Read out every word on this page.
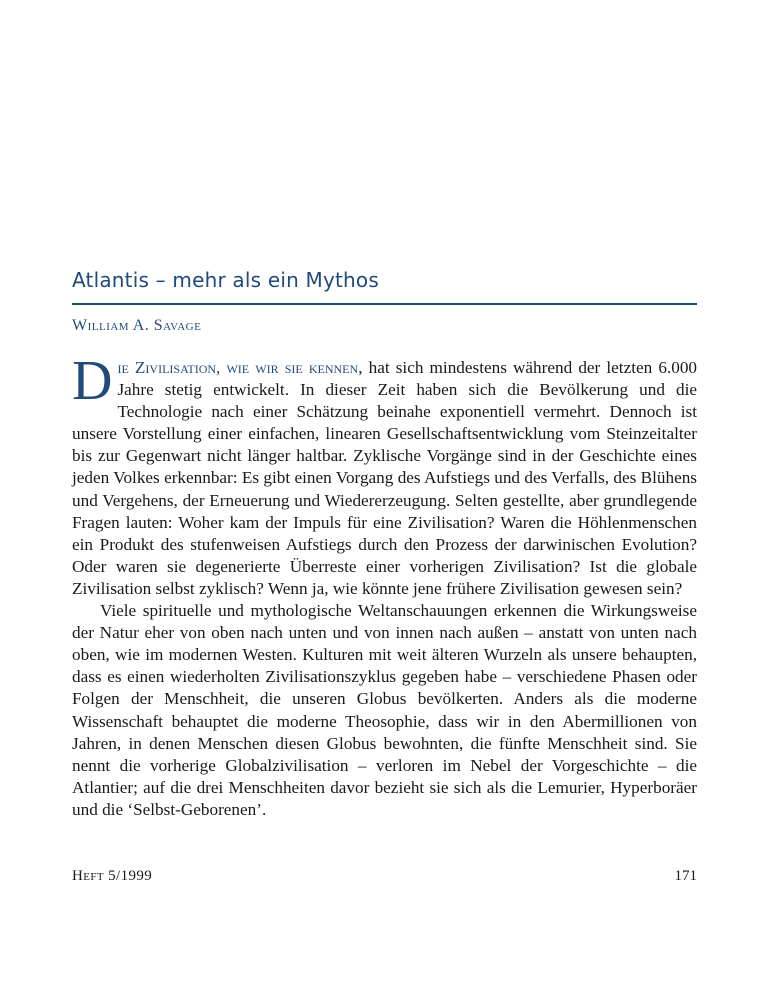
Atlantis – mehr als ein Mythos
William A. Savage

Die Zivilisation, wie wir sie kennen, hat sich mindestens während der letzten 6.000 Jahre stetig entwickelt. In dieser Zeit haben sich die Bevölkerung und die Technologie nach einer Schätzung beinahe exponentiell vermehrt. Dennoch ist unsere Vorstellung einer einfachen, linearen Gesellschaftsentwicklung vom Steinzeitalter bis zur Gegenwart nicht länger haltbar. Zyklische Vorgänge sind in der Geschichte eines jeden Volkes erkennbar: Es gibt einen Vorgang des Aufstiegs und des Verfalls, des Blühens und Vergehens, der Erneuerung und Wiedererzeugung. Selten gestellte, aber grundlegende Fragen lauten: Woher kam der Impuls für eine Zivilisation? Waren die Höhlenmenschen ein Produkt des stufenweisen Aufstiegs durch den Prozess der darwinischen Evolution? Oder waren sie degenerierte Überreste einer vorherigen Zivilisation? Ist die globale Zivilisation selbst zyklisch? Wenn ja, wie könnte jene frühere Zivilisation gewesen sein?

Viele spirituelle und mythologische Weltanschauungen erkennen die Wirkungsweise der Natur eher von oben nach unten und von innen nach außen – anstatt von unten nach oben, wie im modernen Westen. Kulturen mit weit älteren Wurzeln als unsere behaupten, dass es einen wiederholten Zivilisationszyklus gegeben habe – verschiedene Phasen oder Folgen der Menschheit, die unseren Globus bevölkerten. Anders als die moderne Wissenschaft behauptet die moderne Theosophie, dass wir in den Abermillionen von Jahren, in denen Menschen diesen Globus bewohnten, die fünfte Menschheit sind. Sie nennt die vorherige Globalzivilisation – verloren im Nebel der Vorgeschichte – die Atlantier; auf die drei Menschheiten davor bezieht sie sich als die Lemurier, Hyperboräer und die ‘Selbst-Geborenen’.

Heft 5/1999	171
